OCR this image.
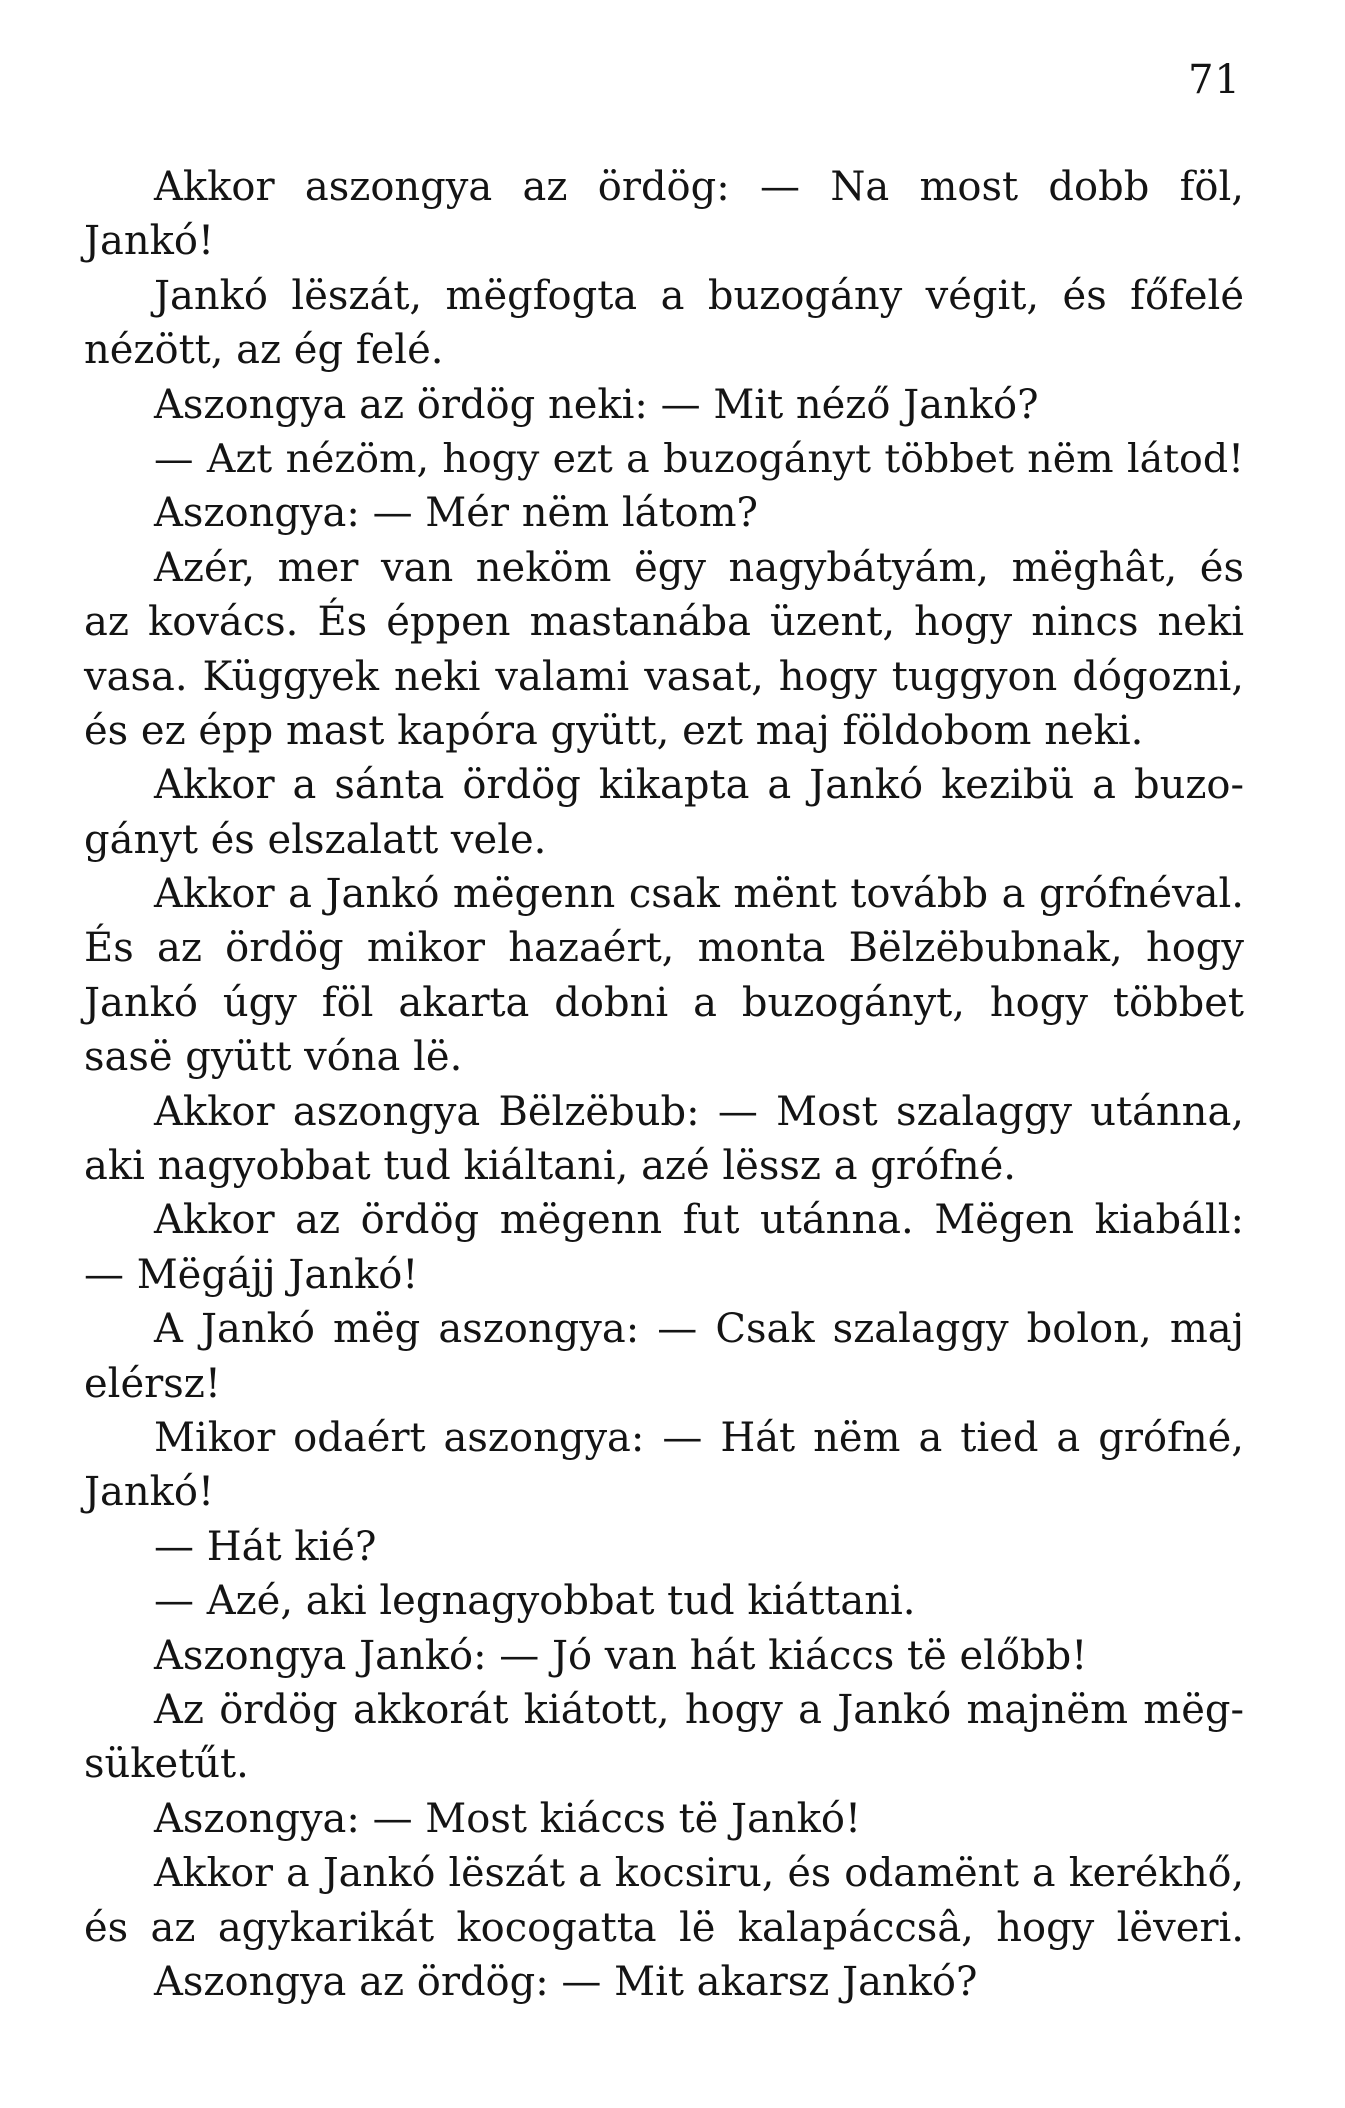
71

Akkor aszongya az ördög: — Na most dobb föl,
Jankó!
Jankó lëszát, mëgfogta a buzogány végit, és főfelé
nézött, az ég felé.
Aszongya az ördög neki: — Mit néző Jankó?
— Azt nézöm, hogy ezt a buzogányt többet nëm látod!
Aszongya: — Mér nëm látom?
Azér, mer van neköm ëgy nagybátyám, mëghât, és
az kovács. És éppen mastanába üzent, hogy nincs neki
vasa. Küggyek neki valami vasat, hogy tuggyon dógozni,
és ez épp mast kapóra gyütt, ezt maj földobom neki.
Akkor a sánta ördög kikapta a Jankó kezibü a buzo-
gányt és elszalatt vele.
Akkor a Jankó mëgenn csak mënt tovább a grófnéval.
És az ördög mikor hazaért, monta Bëlzëbubnak, hogy
Jankó úgy föl akarta dobni a buzogányt, hogy többet
sasë gyütt vóna lë.
Akkor aszongya Bëlzëbub: — Most szalaggy utánna,
aki nagyobbat tud kiáltani, azé lëssz a grófné.
Akkor az ördög mëgenn fut utánna. Mëgen kiabáll:
— Mëgájj Jankó!
A Jankó mëg aszongya: — Csak szalaggy bolon, maj
elérsz!
Mikor odaért aszongya: — Hát nëm a tied a grófné,
Jankó!
— Hát kié?
— Azé, aki legnagyobbat tud kiáttani.
Aszongya Jankó: — Jó van hát kiáccs të előbb!
Az ördög akkorát kiátott, hogy a Jankó majnëm mëg-
süketűt.
Aszongya: — Most kiáccs të Jankó!
Akkor a Jankó lëszát a kocsiru, és odamënt a kerékhő,
és az agykarikát kocogatta lë kalapáccsâ, hogy lëveri.
Aszongya az ördög: — Mit akarsz Jankó?
